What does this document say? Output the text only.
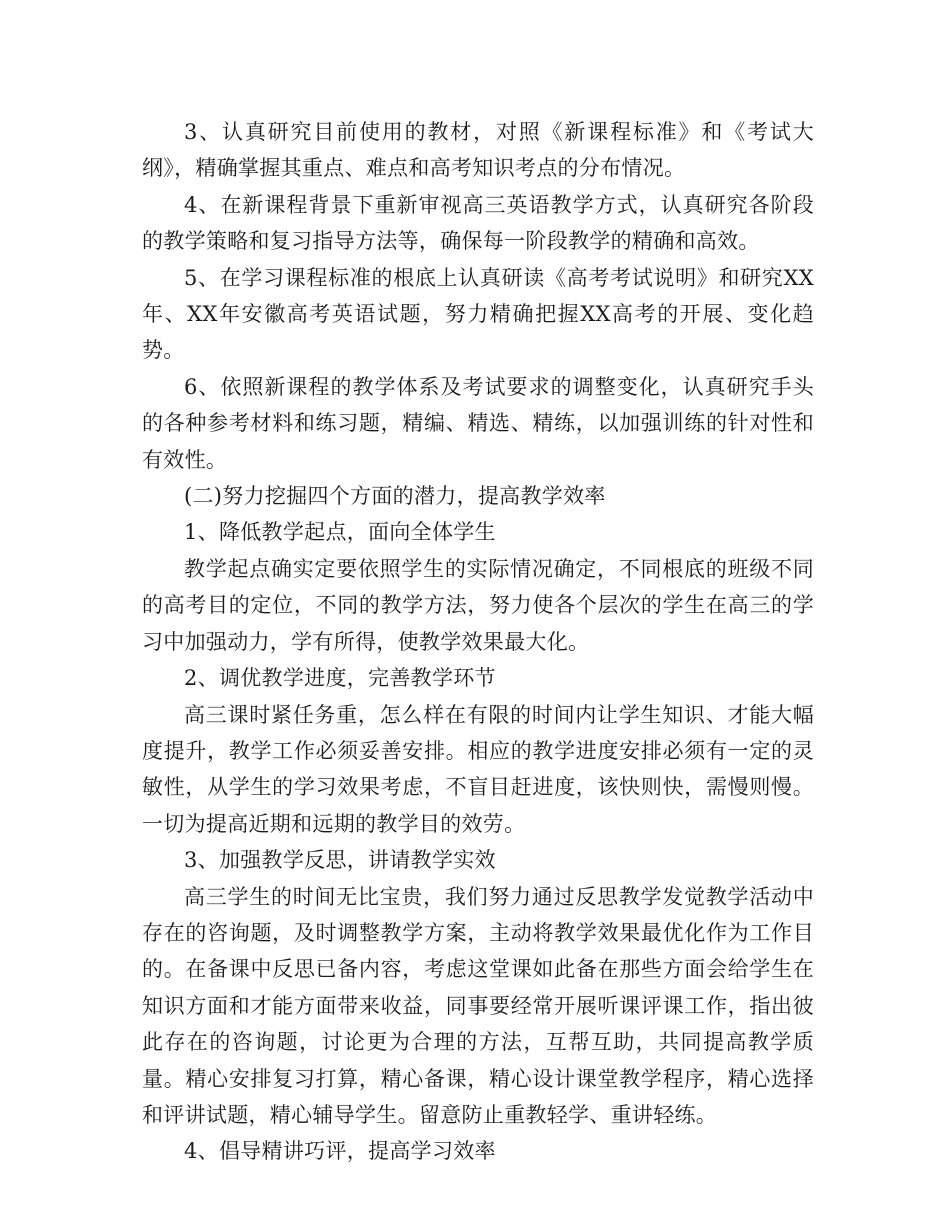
3、认真研究目前使用的教材，对照《新课程标准》和《考试大纲》，精确掌握其重点、难点和高考知识考点的分布情况。

4、在新课程背景下重新审视高三英语教学方式，认真研究各阶段的教学策略和复习指导方法等，确保每一阶段教学的精确和高效。

5、在学习课程标准的根底上认真研读《高考考试说明》和研究XX年、XX年安徽高考英语试题，努力精确把握XX高考的开展、变化趋势。

6、依照新课程的教学体系及考试要求的调整变化，认真研究手头的各种参考材料和练习题，精编、精选、精练，以加强训练的针对性和有效性。

(二)努力挖掘四个方面的潜力，提高教学效率

1、降低教学起点，面向全体学生

教学起点确实定要依照学生的实际情况确定，不同根底的班级不同的高考目的定位，不同的教学方法，努力使各个层次的学生在高三的学习中加强动力，学有所得，使教学效果最大化。

2、调优教学进度，完善教学环节

高三课时紧任务重，怎么样在有限的时间内让学生知识、才能大幅度提升，教学工作必须妥善安排。相应的教学进度安排必须有一定的灵敏性，从学生的学习效果考虑，不盲目赶进度，该快则快，需慢则慢。一切为提高近期和远期的教学目的效劳。

3、加强教学反思，讲请教学实效

高三学生的时间无比宝贵，我们努力通过反思教学发觉教学活动中存在的咨询题，及时调整教学方案，主动将教学效果最优化作为工作目的。在备课中反思已备内容，考虑这堂课如此备在那些方面会给学生在知识方面和才能方面带来收益，同事要经常开展听课评课工作，指出彼此存在的咨询题，讨论更为合理的方法，互帮互助，共同提高教学质量。精心安排复习打算，精心备课，精心设计课堂教学程序，精心选择和评讲试题，精心辅导学生。留意防止重教轻学、重讲轻练。

4、倡导精讲巧评，提高学习效率
